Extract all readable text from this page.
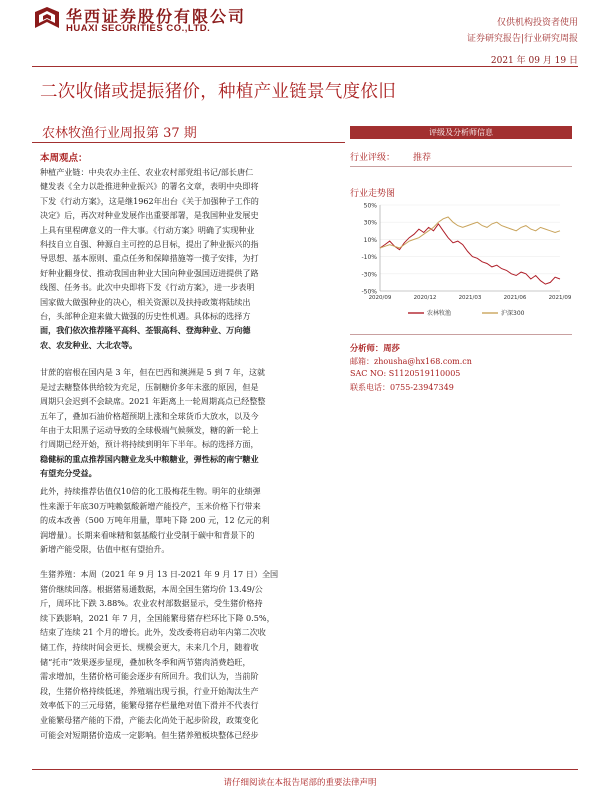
华西证券股份有限公司
HUAXI SECURITIES CO.,LTD.	仅供机构投资者使用
证券研究报告|行业研究周报
2021 年 09 月 19 日
二次收储或提振猪价，种植产业链景气度依旧
农林牧渔行业周报第 37 期
本周观点：
种植产业链：中央农办主任、农业农村部党组书记/部长唐仁
健发表《全力以赴推进种业振兴》的署名文章，表明中央即将
下发《行动方案》，这是继1962年出台《关于加强种子工作的
决定》后，再次对种业发展作出重要部署，是我国种业发展史
上具有里程碑意义的一件大事。《行动方案》明确了实现种业
科技自立自强、种源自主可控的总目标，提出了种业振兴的指
导思想、基本原则、重点任务和保障措施等一揽子安排，为打
好种业翻身仗、推动我国由种业大国向种业强国迈进提供了路
线图、任务书。此次中央即将下发《行动方案》，进一步表明
国家做大做强种业的决心，相关资源以及扶持政策将陆续出
台，头部种企迎来做大做强的历史性机遇。具体标的选择方
面，我们依次推荐隆平高科、荃银高科、登海种业、万向德
农、农发种业、大北农等。
甘蔗的宿根在国内是 3 年，但在巴西和澳洲是 5 到 7 年，这就
是过去糖整体供给较为充足，压制糖价多年未涨的原因，但是
周期只会迟到不会缺席。2021 年距离上一轮周期高点已经整整
五年了，叠加石油价格超预期上涨和全球货币大放水，以及今
年由于太阳黑子运动导致的全球极端气候频发，糖的新一轮上
行周期已经开始，预计将持续到明年下半年。标的选择方面，
稳健标的重点推荐国内糖业龙头中粮糖业，弹性标的南宁糖业
有望充分受益。
此外，持续推荐估值仅10倍的化工股梅花生物。明年的业绩弹
性来源于年底30万吨赖氨酸新增产能投产，玉米价格下行带来
的成本改善（500 万吨年用量，單吨下降 200 元，12 亿元的利
润增量）。长期来看味精和氨基酸行业受制于碳中和背景下的
新增产能受限，估值中枢有望抬升。
生猪养殖：本周（2021 年 9 月 13 日-2021 年 9 月 17 日）全国
猪价继续回落。根据猪易通数据，本周全国生猪均价 13.49/公
斤，周环比下跌 3.88%。农业农村部数据显示，受生猪价格持
续下跌影响，2021 年 7 月，全国能繁母猪存栏环比下降 0.5%，
结束了连续 21 个月的增长。此外，发改委将启动年内第二次收
储工作，持续时间会更长、规模会更大，未来几个月，随着收
储“托市”效果逐步显现，叠加秋冬季和两节猪肉消费趋旺，
需求增加，生猪价格可能会逐步有所回升。我们认为，当前阶
段，生猪价格持续低迷，养殖端出现亏损，行业开始淘汰生产
效率低下的三元母猪，能繁母猪存栏量绝对值下滑并不代表行
业能繁母猪产能的下滑，产能去化尚处于起步阶段，政策变化
可能会对短期猪价造成一定影响。但生猪养殖板块整体已经步
评级及分析师信息
行业评级： 推荐
行业走势图
50%
30%
10%
-10%
-30%
-50%
2020/09	2020/12	2021/03	2021/06	2021/09
农林牧渔	沪深300
分析师：周莎
邮箱：zhousha@hx168.com.cn
SAC NO: S1120519110005
联系电话：0755-23947349
请仔细阅读在本报告尾部的重要法律声明
